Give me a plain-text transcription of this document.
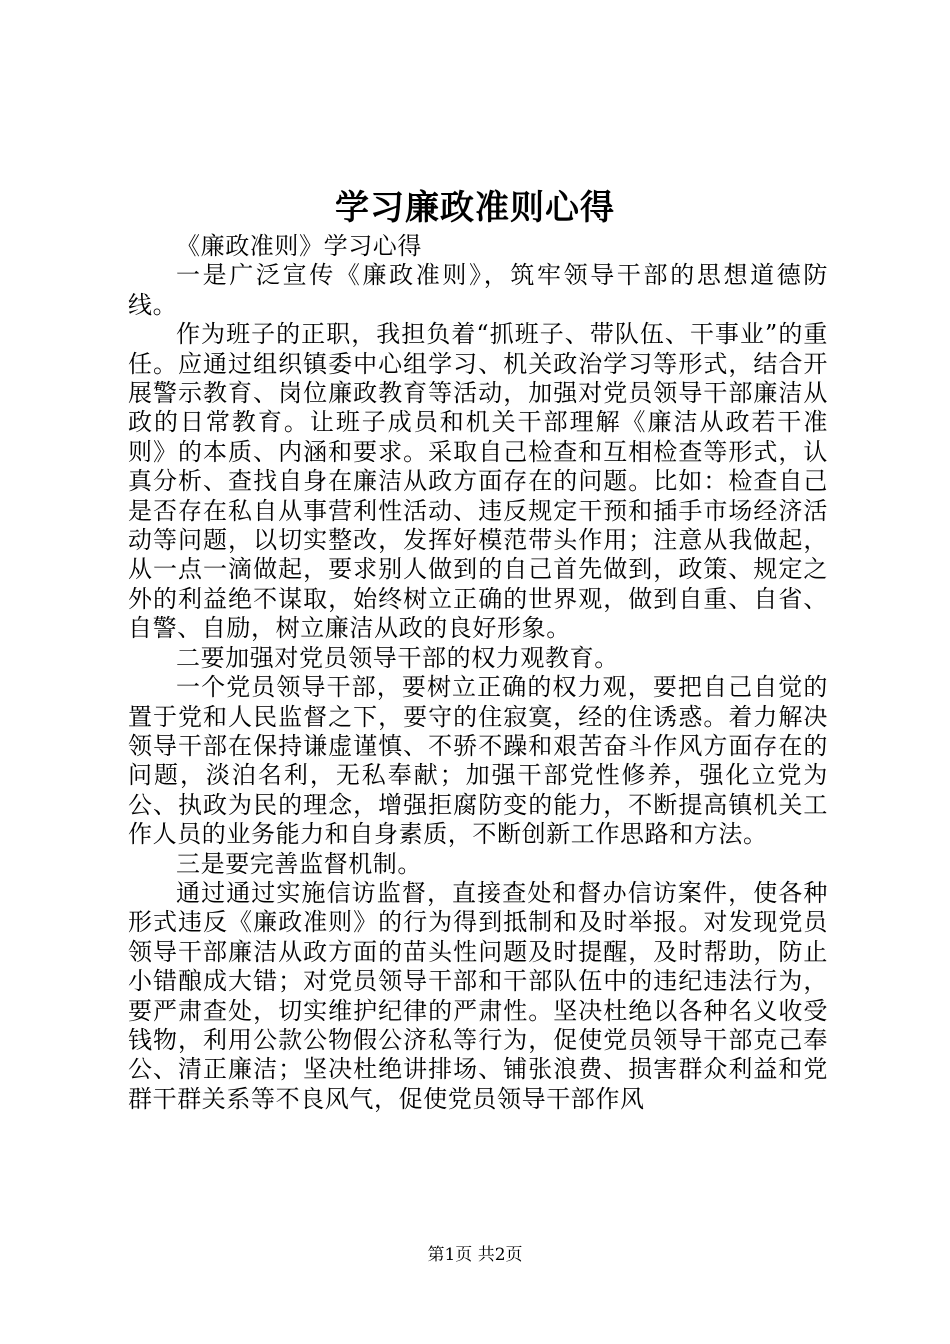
学习廉政准则心得

《廉政准则》学习心得

一是广泛宣传《廉政准则》，筑牢领导干部的思想道德防线。

作为班子的正职，我担负着“抓班子、带队伍、干事业”的重任。应通过组织镇委中心组学习、机关政治学习等形式，结合开展警示教育、岗位廉政教育等活动，加强对党员领导干部廉洁从政的日常教育。让班子成员和机关干部理解《廉洁从政若干准则》的本质、内涵和要求。采取自己检查和互相检查等形式，认真分析、查找自身在廉洁从政方面存在的问题。比如：检查自己是否存在私自从事营利性活动、违反规定干预和插手市场经济活动等问题，以切实整改，发挥好模范带头作用；注意从我做起，从一点一滴做起，要求别人做到的自己首先做到，政策、规定之外的利益绝不谋取，始终树立正确的世界观，做到自重、自省、自警、自励，树立廉洁从政的良好形象。

二要加强对党员领导干部的权力观教育。

一个党员领导干部，要树立正确的权力观，要把自己自觉的置于党和人民监督之下，要守的住寂寞，经的住诱惑。着力解决领导干部在保持谦虚谨慎、不骄不躁和艰苦奋斗作风方面存在的问题，淡泊名利，无私奉献；加强干部党性修养，强化立党为公、执政为民的理念，增强拒腐防变的能力，不断提高镇机关工作人员的业务能力和自身素质，不断创新工作思路和方法。

三是要完善监督机制。

通过通过实施信访监督，直接查处和督办信访案件，使各种形式违反《廉政准则》的行为得到抵制和及时举报。对发现党员领导干部廉洁从政方面的苗头性问题及时提醒，及时帮助，防止小错酿成大错；对党员领导干部和干部队伍中的违纪违法行为，要严肃查处，切实维护纪律的严肃性。坚决杜绝以各种名义收受钱物，利用公款公物假公济私等行为，促使党员领导干部克己奉公、清正廉洁；坚决杜绝讲排场、铺张浪费、损害群众利益和党群干群关系等不良风气，促使党员领导干部作风

第1页 共2页
